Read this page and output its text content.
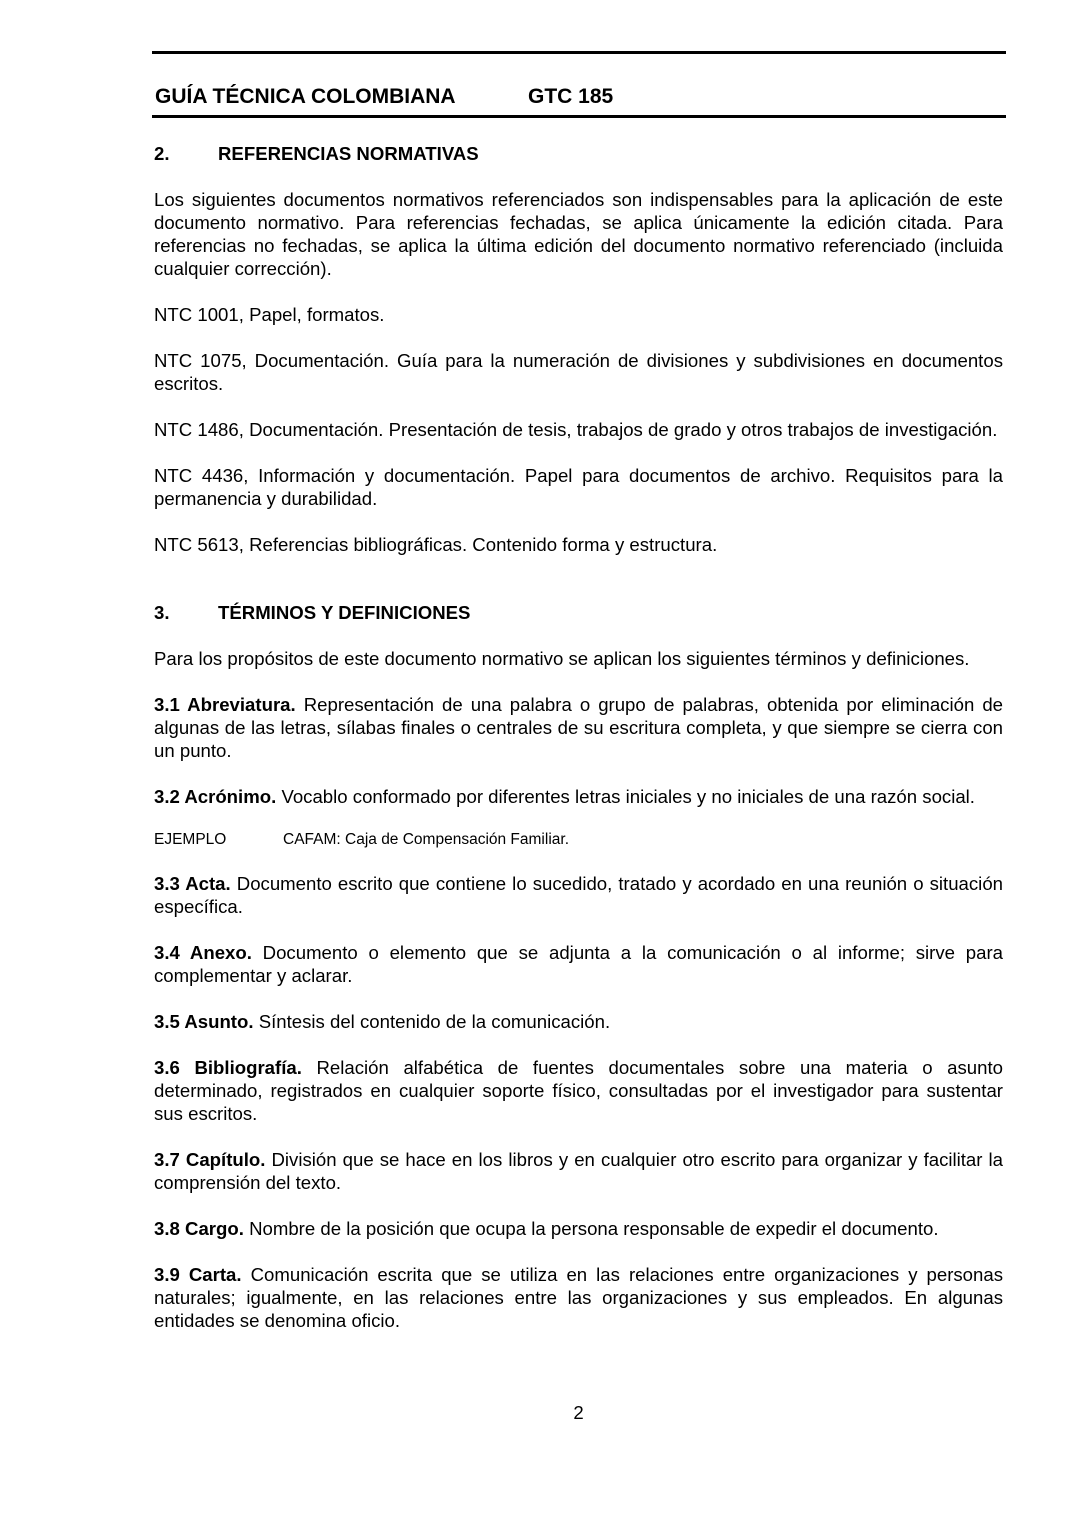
GUÍA TÉCNICA COLOMBIANA	GTC 185
2.	REFERENCIAS NORMATIVAS

Los siguientes documentos normativos referenciados son indispensables para la aplicación de este documento normativo. Para referencias fechadas, se aplica únicamente la edición citada. Para referencias no fechadas, se aplica la última edición del documento normativo referenciado (incluida cualquier corrección).

NTC 1001, Papel, formatos.

NTC 1075, Documentación. Guía para la numeración de divisiones y subdivisiones en documentos escritos.

NTC 1486, Documentación. Presentación de tesis, trabajos de grado y otros trabajos de investigación.

NTC 4436, Información y documentación. Papel para documentos de archivo. Requisitos para la permanencia y durabilidad.

NTC 5613, Referencias bibliográficas. Contenido forma y estructura.

3.	TÉRMINOS Y DEFINICIONES

Para los propósitos de este documento normativo se aplican los siguientes términos y definiciones.

3.1 Abreviatura. Representación de una palabra o grupo de palabras, obtenida por eliminación de algunas de las letras, sílabas finales o centrales de su escritura completa, y que siempre se cierra con un punto.

3.2 Acrónimo. Vocablo conformado por diferentes letras iniciales y no iniciales de una razón social.

EJEMPLO	CAFAM: Caja de Compensación Familiar.

3.3 Acta. Documento escrito que contiene lo sucedido, tratado y acordado en una reunión o situación específica.

3.4 Anexo. Documento o elemento que se adjunta a la comunicación o al informe; sirve para complementar y aclarar.

3.5 Asunto. Síntesis del contenido de la comunicación.

3.6 Bibliografía. Relación alfabética de fuentes documentales sobre una materia o asunto determinado, registrados en cualquier soporte físico, consultadas por el investigador para sustentar sus escritos.

3.7 Capítulo. División que se hace en los libros y en cualquier otro escrito para organizar y facilitar la comprensión del texto.

3.8 Cargo. Nombre de la posición que ocupa la persona responsable de expedir el documento.

3.9 Carta. Comunicación escrita que se utiliza en las relaciones entre organizaciones y personas naturales; igualmente, en las relaciones entre las organizaciones y sus empleados. En algunas entidades se denomina oficio.

2
